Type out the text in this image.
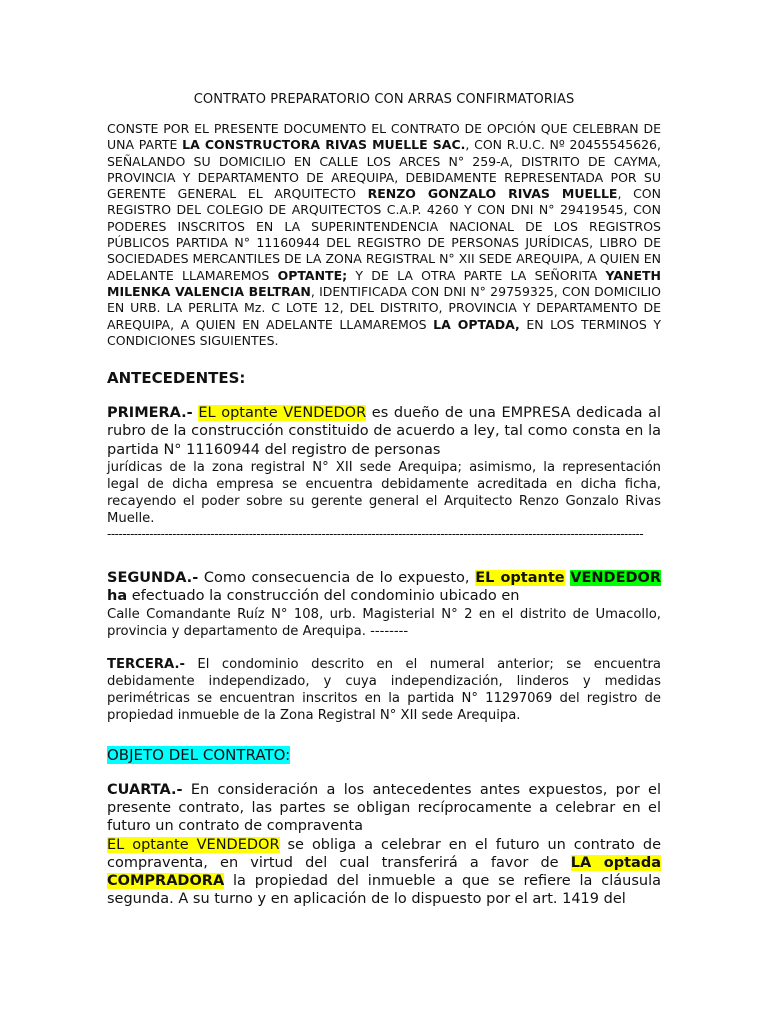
CONTRATO PREPARATORIO CON ARRAS CONFIRMATORIAS

CONSTE POR EL PRESENTE DOCUMENTO EL CONTRATO DE OPCIÓN QUE CELEBRAN DE UNA PARTE LA CONSTRUCTORA RIVAS MUELLE SAC., CON R.U.C. Nº 20455545626, SEÑALANDO SU DOMICILIO EN CALLE LOS ARCES N° 259-A, DISTRITO DE CAYMA, PROVINCIA Y DEPARTAMENTO DE AREQUIPA, DEBIDAMENTE REPRESENTADA POR SU GERENTE GENERAL EL ARQUITECTO RENZO GONZALO RIVAS MUELLE, CON REGISTRO DEL COLEGIO DE ARQUITECTOS C.A.P. 4260 Y CON DNI N° 29419545, CON PODERES INSCRITOS EN LA SUPERINTENDENCIA NACIONAL DE LOS REGISTROS PÚBLICOS PARTIDA N° 11160944 DEL REGISTRO DE PERSONAS JURÍDICAS, LIBRO DE SOCIEDADES MERCANTILES DE LA ZONA REGISTRAL N° XII SEDE AREQUIPA, A QUIEN EN ADELANTE LLAMAREMOS OPTANTE; Y DE LA OTRA PARTE LA SEÑORITA YANETH MILENKA VALENCIA BELTRAN, IDENTIFICADA CON DNI N° 29759325, CON DOMICILIO EN URB. LA PERLITA Mz. C LOTE 12, DEL DISTRITO, PROVINCIA Y DEPARTAMENTO DE AREQUIPA, A QUIEN EN ADELANTE LLAMAREMOS LA OPTADA, EN LOS TERMINOS Y CONDICIONES SIGUIENTES.

ANTECEDENTES:

PRIMERA.- EL optante VENDEDOR es dueño de una EMPRESA dedicada al rubro de la construcción constituido de acuerdo a ley, tal como consta en la partida N° 11160944 del registro de personas

jurídicas de la zona registral N° XII sede Arequipa; asimismo, la representación legal de dicha empresa se encuentra debidamente acreditada en dicha ficha, recayendo el poder sobre su gerente general el Arquitecto Renzo Gonzalo Rivas Muelle.

--------------------------------------------------------------------------------------------------------------------------------------------

SEGUNDA.- Como consecuencia de lo expuesto, EL optante VENDEDOR ha efectuado la construcción del condominio ubicado en

Calle Comandante Ruíz N° 108, urb. Magisterial N° 2 en el distrito de Umacollo, provincia y departamento de Arequipa. --------

TERCERA.- El condominio descrito en el numeral anterior; se encuentra debidamente independizado, y cuya independización, linderos y medidas perimétricas se encuentran inscritos en la partida N° 11297069 del registro de propiedad inmueble de la Zona Registral N° XII sede Arequipa.

OBJETO DEL CONTRATO:

CUARTA.- En consideración a los antecedentes antes expuestos, por el presente contrato, las partes se obligan recíprocamente a celebrar en el futuro un contrato de compraventa
EL optante VENDEDOR se obliga a celebrar en el futuro un contrato de compraventa, en virtud del cual transferirá a favor de LA optada COMPRADORA la propiedad del inmueble a que se refiere la cláusula segunda. A su turno y en aplicación de lo dispuesto por el art. 1419 del
